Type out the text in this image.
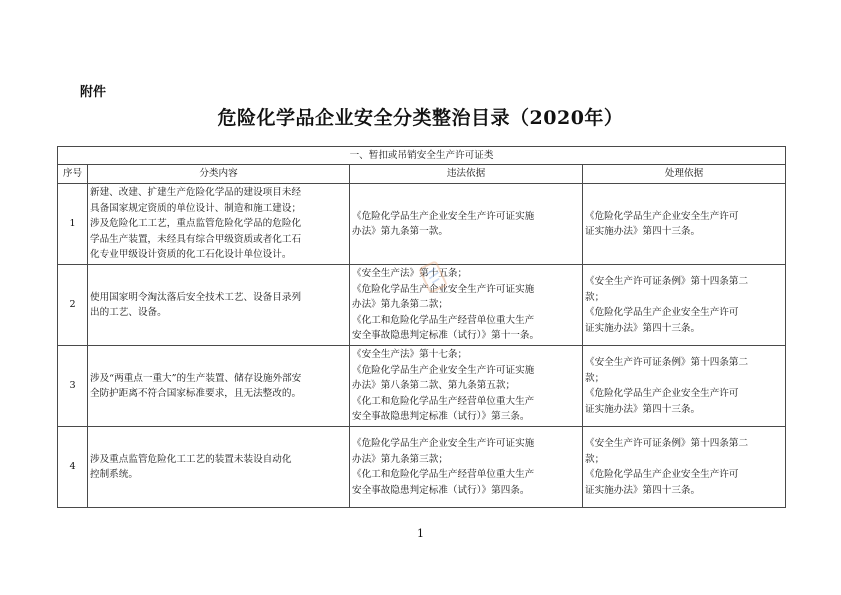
附件

危险化学品企业安全分类整治目录（2020年）
一、暂扣或吊销安全生产许可证类			
序号	分类内容	违法依据	处理依据
1	新建、改建、扩建生产危险化学品的建设项目未经
具备国家规定资质的单位设计、制造和施工建设；
涉及危险化工工艺，重点监管危险化学品的危险化
学品生产装置，未经具有综合甲级资质或者化工石
化专业甲级设计资质的化工石化设计单位设计。	《危险化学品生产企业安全生产许可证实施
办法》第九条第一款。	《危险化学品生产企业安全生产许可
证实施办法》第四十三条。

2	使用国家明令淘汰落后安全技术工艺、设备目录列
出的工艺、设备。	《安全生产法》第十五条；
《危险化学品生产企业安全生产许可证实施
办法》第九条第二款；
《化工和危险化学品生产经营单位重大生产
安全事故隐患判定标准（试行）》第十一条。	《安全生产许可证条例》第十四条第二
款；
《危险化学品生产企业安全生产许可
证实施办法》第四十三条。

3	涉及“两重点一重大”的生产装置、储存设施外部安
全防护距离不符合国家标准要求，且无法整改的。	《安全生产法》第十七条；
《危险化学品生产企业安全生产许可证实施
办法》第八条第二款、第九条第五款；
《化工和危险化学品生产经营单位重大生产
安全事故隐患判定标准（试行）》第三条。	《安全生产许可证条例》第十四条第二
款；
《危险化学品生产企业安全生产许可
证实施办法》第四十三条。

4	涉及重点监管危险化工工艺的装置未装设自动化
控制系统。	《危险化学品生产企业安全生产许可证实施
办法》第九条第三款；
《化工和危险化学品生产经营单位重大生产
安全事故隐患判定标准（试行）》第四条。	《安全生产许可证条例》第十四条第二
款；
《危险化学品生产企业安全生产许可
证实施办法》第四十三条。

1
